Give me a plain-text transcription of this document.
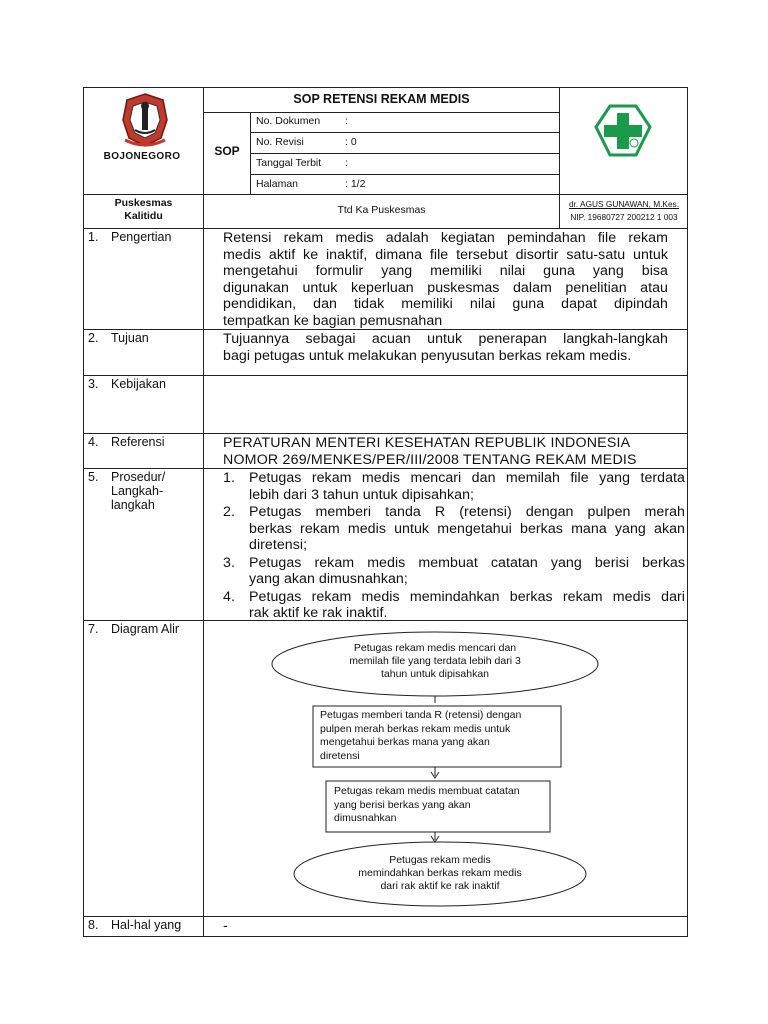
BOJONEGORO
SOP RETENSI REKAM MEDIS
SOP
No. Dokumen :
No. Revisi	: 0
Tanggal Terbit :
Halaman	: 1/2
Puskesmas
Kalitidu	Ttd Ka Puskesmas	dr. AGUS GUNAWAN, M.Kes.
NIP. 19680727 200212 1 003
1. Pengertian	Retensi rekam medis adalah kegiatan pemindahan file rekam
medis aktif ke inaktif, dimana file tersebut disortir satu-satu untuk
mengetahui formulir yang memiliki nilai guna yang bisa
digunakan untuk keperluan puskesmas dalam penelitian atau
pendidikan, dan tidak memiliki nilai guna dapat dipindah
tempatkan ke bagian pemusnahan
2. Tujuan	Tujuannya sebagai acuan untuk penerapan langkah-langkah
bagi petugas untuk melakukan penyusutan berkas rekam medis.
3. Kebijakan
4. Referensi	PERATURAN MENTERI KESEHATAN REPUBLIK INDONESIA
NOMOR 269/MENKES/PER/III/2008 TENTANG REKAM MEDIS
5. Prosedur/
Langkah-
langkah
1. Petugas rekam medis mencari dan memilah file yang terdata
lebih dari 3 tahun untuk dipisahkan;
2. Petugas memberi tanda R (retensi) dengan pulpen merah
berkas rekam medis untuk mengetahui berkas mana yang akan
diretensi;
3. Petugas rekam medis membuat catatan yang berisi berkas
yang akan dimusnahkan;
4. Petugas rekam medis memindahkan berkas rekam medis dari
rak aktif ke rak inaktif.
7. Diagram Alir
Petugas rekam medis mencari dan
memilah file yang terdata lebih dari 3
tahun untuk dipisahkan
Petugas memberi tanda R (retensi) dengan
pulpen merah berkas rekam medis untuk
mengetahui berkas mana yang akan
diretensi
Petugas rekam medis membuat catatan
yang berisi berkas yang akan
dimusnahkan
Petugas rekam medis
memindahkan berkas rekam medis
dari rak aktif ke rak inaktif
8. Hal-hal yang	-
